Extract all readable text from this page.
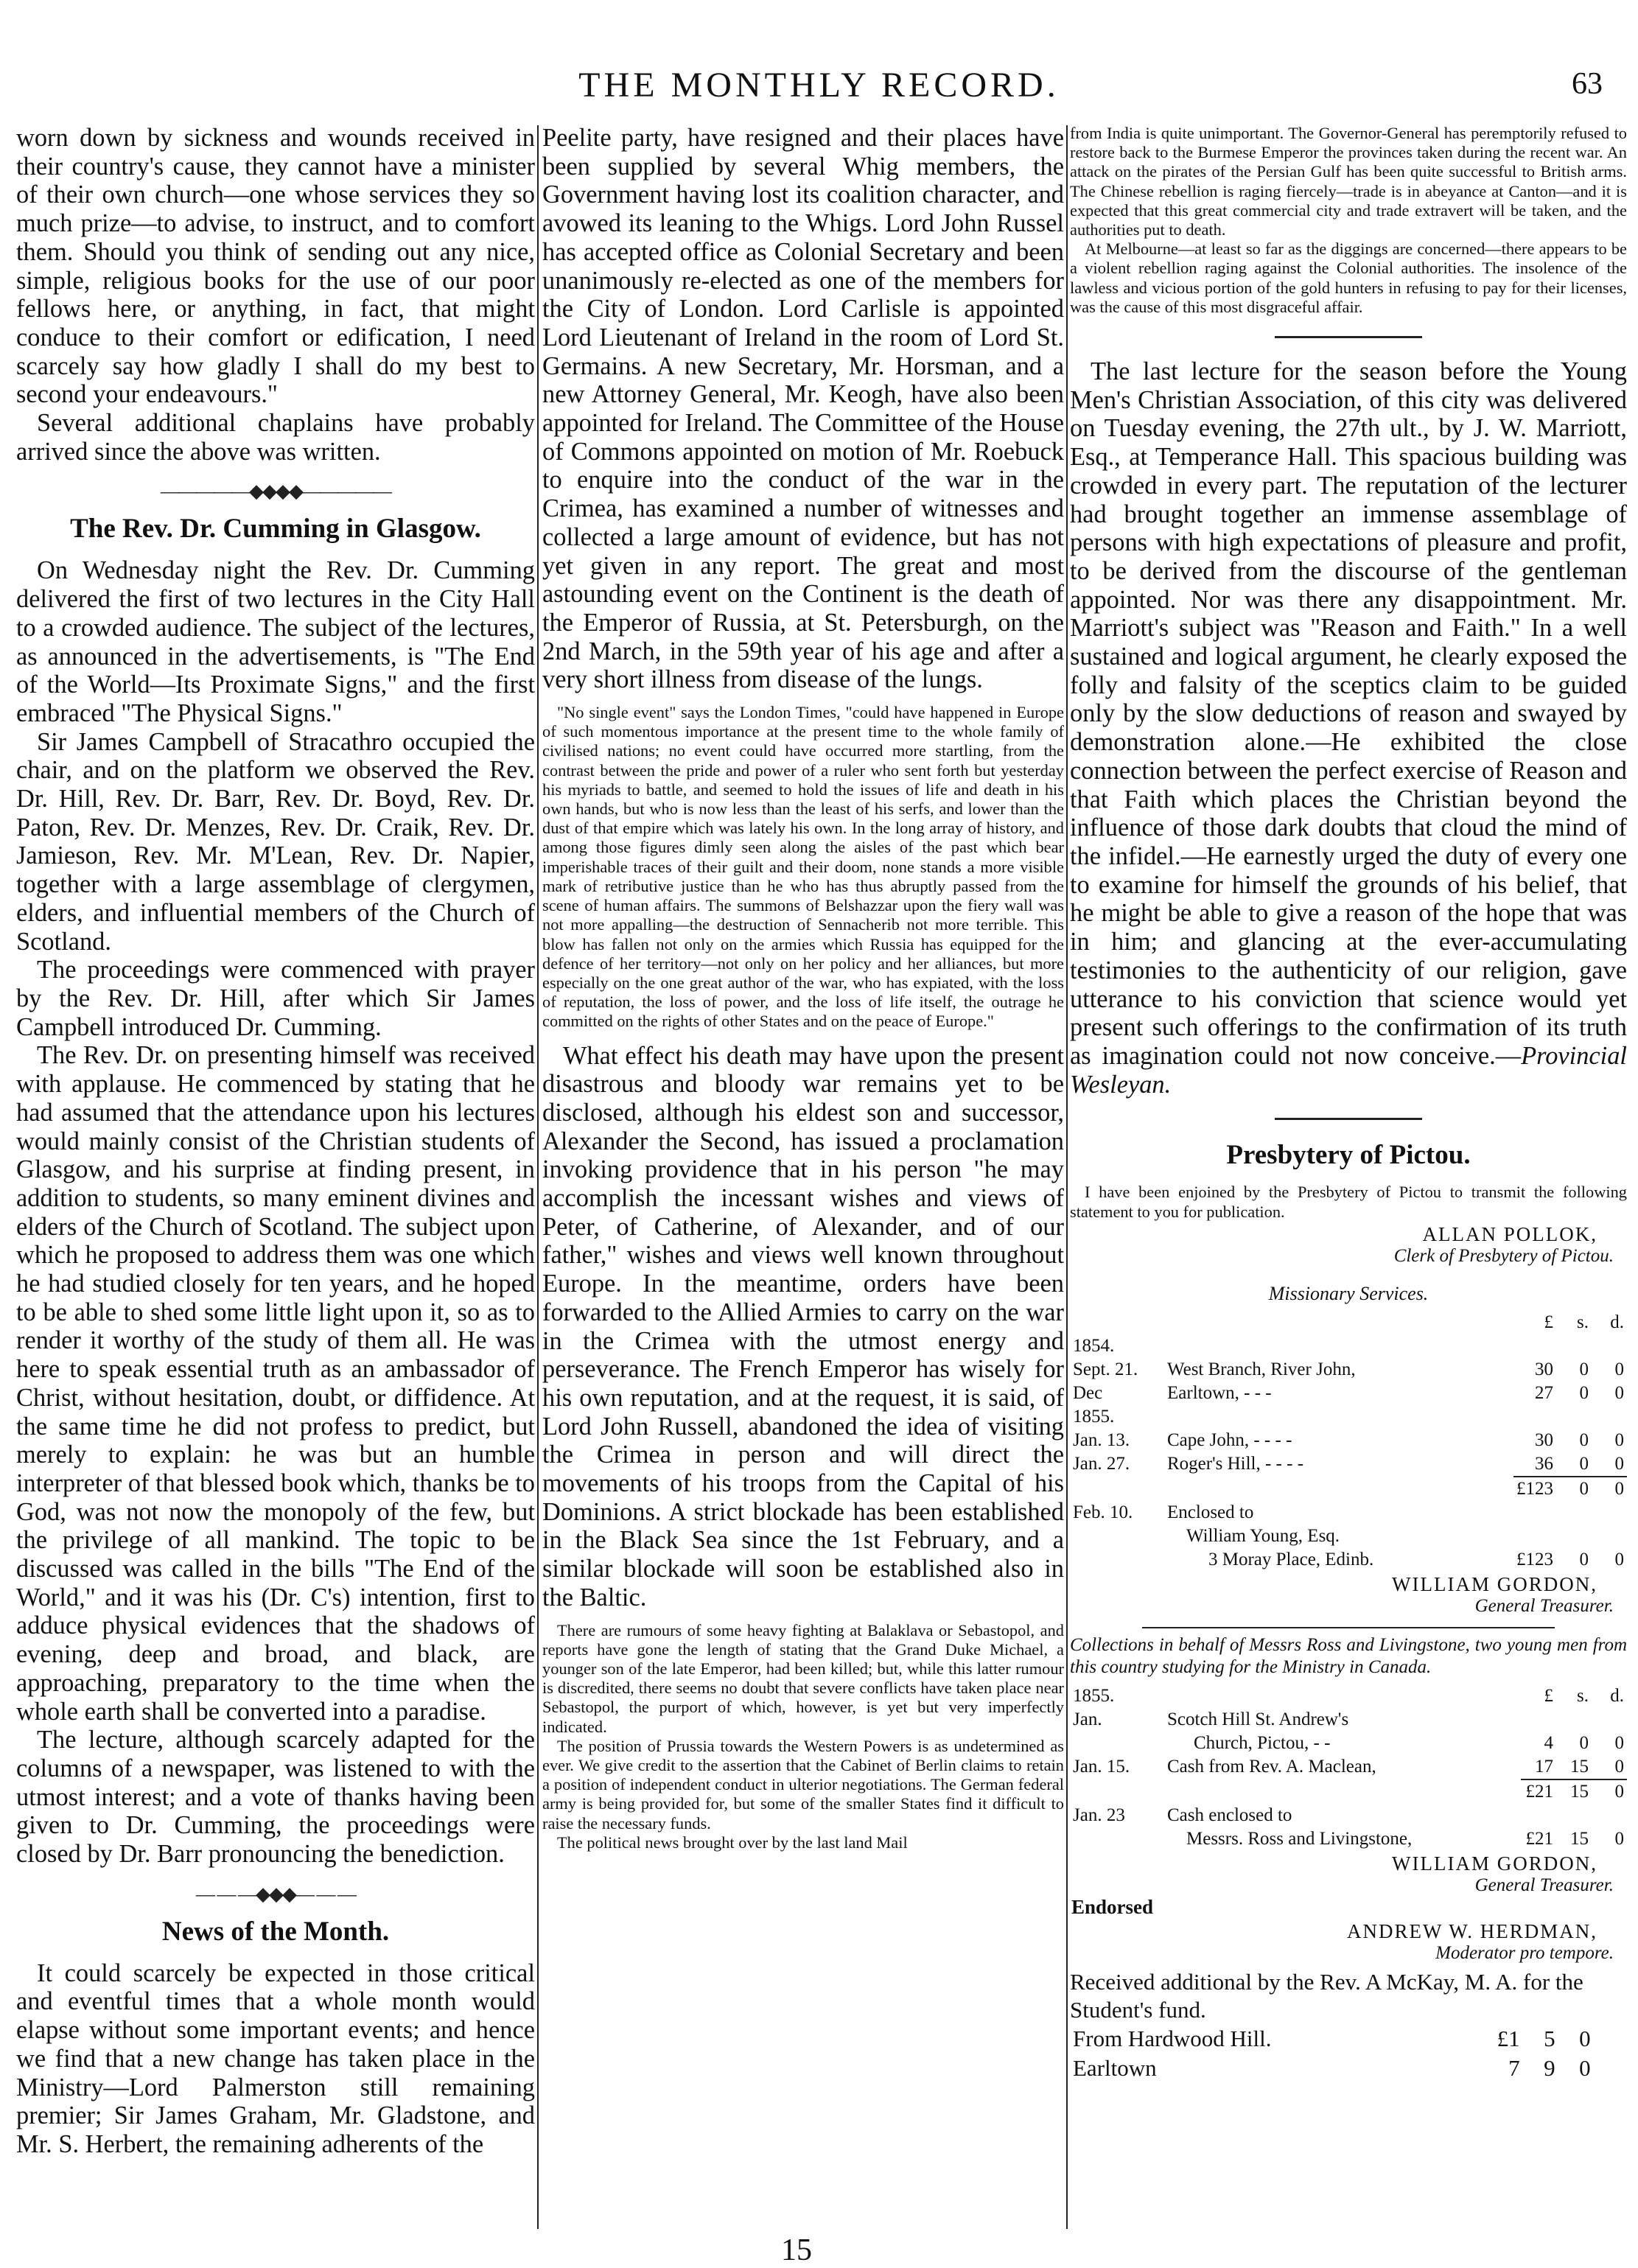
THE MONTHLY RECORD.	63

worn down by sickness and wounds received in their country's cause, they cannot have a minister of their own church—one whose services they so much prize—to advise, to instruct, and to comfort them. Should you think of sending out any nice, simple, religious books for the use of our poor fellows here, or anything, in fact, that might conduce to their comfort or edification, I need scarcely say how gladly I shall do my best to second your endeavours."

Several additional chaplains have probably arrived since the above was written.

—————◆◆◆◆—————
The Rev. Dr. Cumming in Glasgow.

On Wednesday night the Rev. Dr. Cumming delivered the first of two lectures in the City Hall to a crowded audience. The subject of the lectures, as announced in the advertisements, is "The End of the World—Its Proximate Signs," and the first embraced "The Physical Signs."

Sir James Campbell of Stracathro occupied the chair, and on the platform we observed the Rev. Dr. Hill, Rev. Dr. Barr, Rev. Dr. Boyd, Rev. Dr. Paton, Rev. Dr. Menzes, Rev. Dr. Craik, Rev. Dr. Jamieson, Rev. Mr. M'Lean, Rev. Dr. Napier, together with a large assemblage of clergymen, elders, and influential members of the Church of Scotland.

The proceedings were commenced with prayer by the Rev. Dr. Hill, after which Sir James Campbell introduced Dr. Cumming.

The Rev. Dr. on presenting himself was received with applause. He commenced by stating that he had assumed that the attendance upon his lectures would mainly consist of the Christian students of Glasgow, and his surprise at finding present, in addition to students, so many eminent divines and elders of the Church of Scotland. The subject upon which he proposed to address them was one which he had studied closely for ten years, and he hoped to be able to shed some little light upon it, so as to render it worthy of the study of them all. He was here to speak essential truth as an ambassador of Christ, without hesitation, doubt, or diffidence. At the same time he did not profess to predict, but merely to explain: he was but an humble interpreter of that blessed book which, thanks be to God, was not now the monopoly of the few, but the privilege of all mankind. The topic to be discussed was called in the bills "The End of the World," and it was his (Dr. C's) intention, first to adduce physical evidences that the shadows of evening, deep and broad, and black, are approaching, preparatory to the time when the whole earth shall be converted into a paradise.

The lecture, although scarcely adapted for the columns of a newspaper, was listened to with the utmost interest; and a vote of thanks having been given to Dr. Cumming, the proceedings were closed by Dr. Barr pronouncing the benediction.

— — —◆◆◆— — —
News of the Month.

It could scarcely be expected in those critical and eventful times that a whole month would elapse without some important events; and hence we find that a new change has taken place in the Ministry—Lord Palmerston still remaining premier; Sir James Graham, Mr. Gladstone, and Mr. S. Herbert, the remaining adherents of the

Peelite party, have resigned and their places have been supplied by several Whig members, the Government having lost its coalition character, and avowed its leaning to the Whigs. Lord John Russel has accepted office as Colonial Secretary and been unanimously re-elected as one of the members for the City of London. Lord Carlisle is appointed Lord Lieutenant of Ireland in the room of Lord St. Germains. A new Secretary, Mr. Horsman, and a new Attorney General, Mr. Keogh, have also been appointed for Ireland. The Committee of the House of Commons appointed on motion of Mr. Roebuck to enquire into the conduct of the war in the Crimea, has examined a number of witnesses and collected a large amount of evidence, but has not yet given in any report. The great and most astounding event on the Continent is the death of the Emperor of Russia, at St. Petersburgh, on the 2nd March, in the 59th year of his age and after a very short illness from disease of the lungs.

"No single event" says the London Times, "could have happened in Europe of such momentous importance at the present time to the whole family of civilised nations; no event could have occurred more startling, from the contrast between the pride and power of a ruler who sent forth but yesterday his myriads to battle, and seemed to hold the issues of life and death in his own hands, but who is now less than the least of his serfs, and lower than the dust of that empire which was lately his own. In the long array of history, and among those figures dimly seen along the aisles of the past which bear imperishable traces of their guilt and their doom, none stands a more visible mark of retributive justice than he who has thus abruptly passed from the scene of human affairs. The summons of Belshazzar upon the fiery wall was not more appalling—the destruction of Sennacherib not more terrible. This blow has fallen not only on the armies which Russia has equipped for the defence of her territory—not only on her policy and her alliances, but more especially on the one great author of the war, who has expiated, with the loss of reputation, the loss of power, and the loss of life itself, the outrage he committed on the rights of other States and on the peace of Europe."

What effect his death may have upon the present disastrous and bloody war remains yet to be disclosed, although his eldest son and successor, Alexander the Second, has issued a proclamation invoking providence that in his person "he may accomplish the incessant wishes and views of Peter, of Catherine, of Alexander, and of our father," wishes and views well known throughout Europe. In the meantime, orders have been forwarded to the Allied Armies to carry on the war in the Crimea with the utmost energy and perseverance. The French Emperor has wisely for his own reputation, and at the request, it is said, of Lord John Russell, abandoned the idea of visiting the Crimea in person and will direct the movements of his troops from the Capital of his Dominions. A strict blockade has been established in the Black Sea since the 1st February, and a similar blockade will soon be established also in the Baltic.

There are rumours of some heavy fighting at Balaklava or Sebastopol, and reports have gone the length of stating that the Grand Duke Michael, a younger son of the late Emperor, had been killed; but, while this latter rumour is discredited, there seems no doubt that severe conflicts have taken place near Sebastopol, the purport of which, however, is yet but very imperfectly indicated.

The position of Prussia towards the Western Powers is as undetermined as ever. We give credit to the assertion that the Cabinet of Berlin claims to retain a position of independent conduct in ulterior negotiations. The German federal army is being provided for, but some of the smaller States find it difficult to raise the necessary funds.

The political news brought over by the last land Mail

from India is quite unimportant. The Governor-General has peremptorily refused to restore back to the Burmese Emperor the provinces taken during the recent war. An attack on the pirates of the Persian Gulf has been quite successful to British arms. The Chinese rebellion is raging fiercely—trade is in abeyance at Canton—and it is expected that this great commercial city and trade extravert will be taken, and the authorities put to death.

At Melbourne—at least so far as the diggings are concerned—there appears to be a violent rebellion raging against the Colonial authorities. The insolence of the lawless and vicious portion of the gold hunters in refusing to pay for their licenses, was the cause of this most disgraceful affair.

The last lecture for the season before the Young Men's Christian Association, of this city was delivered on Tuesday evening, the 27th ult., by J. W. Marriott, Esq., at Temperance Hall. This spacious building was crowded in every part. The reputation of the lecturer had brought together an immense assemblage of persons with high expectations of pleasure and profit, to be derived from the discourse of the gentleman appointed. Nor was there any disappointment. Mr. Marriott's subject was "Reason and Faith." In a well sustained and logical argument, he clearly exposed the folly and falsity of the sceptics claim to be guided only by the slow deductions of reason and swayed by demonstration alone.—He exhibited the close connection between the perfect exercise of Reason and that Faith which places the Christian beyond the influence of those dark doubts that cloud the mind of the infidel.—He earnestly urged the duty of every one to examine for himself the grounds of his belief, that he might be able to give a reason of the hope that was in him; and glancing at the ever-accumulating testimonies to the authenticity of our religion, gave utterance to his conviction that science would yet present such offerings to the confirmation of its truth as imagination could not now conceive.—Provincial Wesleyan.

Presbytery of Pictou.

I have been enjoined by the Presbytery of Pictou to transmit the following statement to you for publication.

ALLAN POLLOK,
Clerk of Presbytery of Pictou.
Missionary Services.
		£	s.	d.
1854.				
Sept. 21.	West Branch, River John,	30	0	0
Dec	Earltown, - - -	27	0	0
1855.				
Jan. 13.	Cape John, - - - -	30	0	0
Jan. 27.	Roger's Hill, - - - -	36	0	0
		£123	0	0
Feb. 10.	Enclosed to			
	William Young, Esq.			
	3 Moray Place, Edinb.	£123	0	0
WILLIAM GORDON,
General Treasurer.

Collections in behalf of Messrs Ross and Livingstone, two young men from this country studying for the Ministry in Canada.

1855.		£	s.	d.
Jan.	Scotch Hill St. Andrew's			
	Church, Pictou, - -	4	0	0
Jan. 15.	Cash from Rev. A. Maclean,	17	15	0
		£21	15	0
Jan. 23	Cash enclosed to			
	Messrs. Ross and Livingstone,	£21	15	0
WILLIAM GORDON,
General Treasurer.
Endorsed
ANDREW W. HERDMAN,
Moderator pro tempore.

Received additional by the Rev. A McKay, M. A. for the Student's fund.

From Hardwood Hill.	£1	5	0
Earltown	7	9	0
15
